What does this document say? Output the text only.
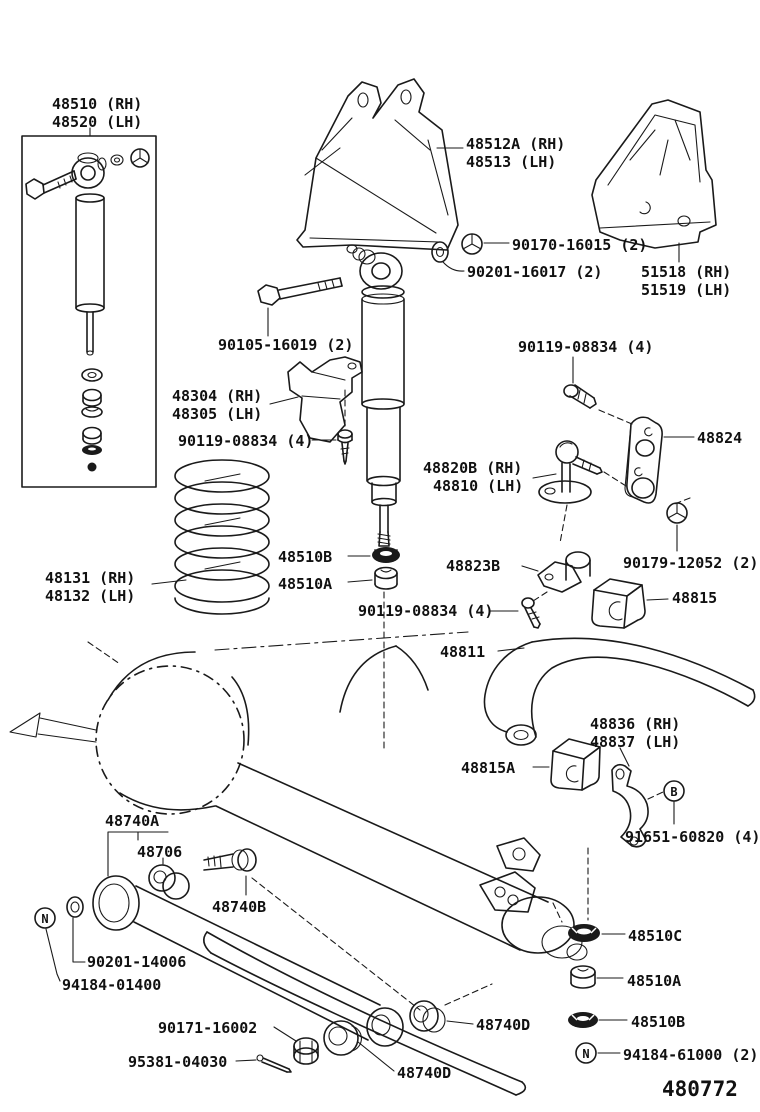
48510 (RH)
48520 (LH)
48512A (RH)
48513 (LH)
51518 (RH)
51519 (LH)
90170-16015 (2)
90201-16017 (2)
90105-16019 (2)
48304 (RH)
48305 (LH)
90119-08834 (4)
48510B
48510A
90119-08834 (4)
48824
48820B (RH)
48810 (LH)
48823B	90179-12052 (2)
48815
90119-08834 (4)
48131 (RH)
48132 (LH)
48811
48815A
48836 (RH)
48837 (LH)
B
91651-60820 (4)
48740A
48706
48740B
90201-14006
N
94184-01400
90171-16002
95381-04030
48740D
48740D
48510C
48510A
48510B
N 94184-61000 (2)
480772
